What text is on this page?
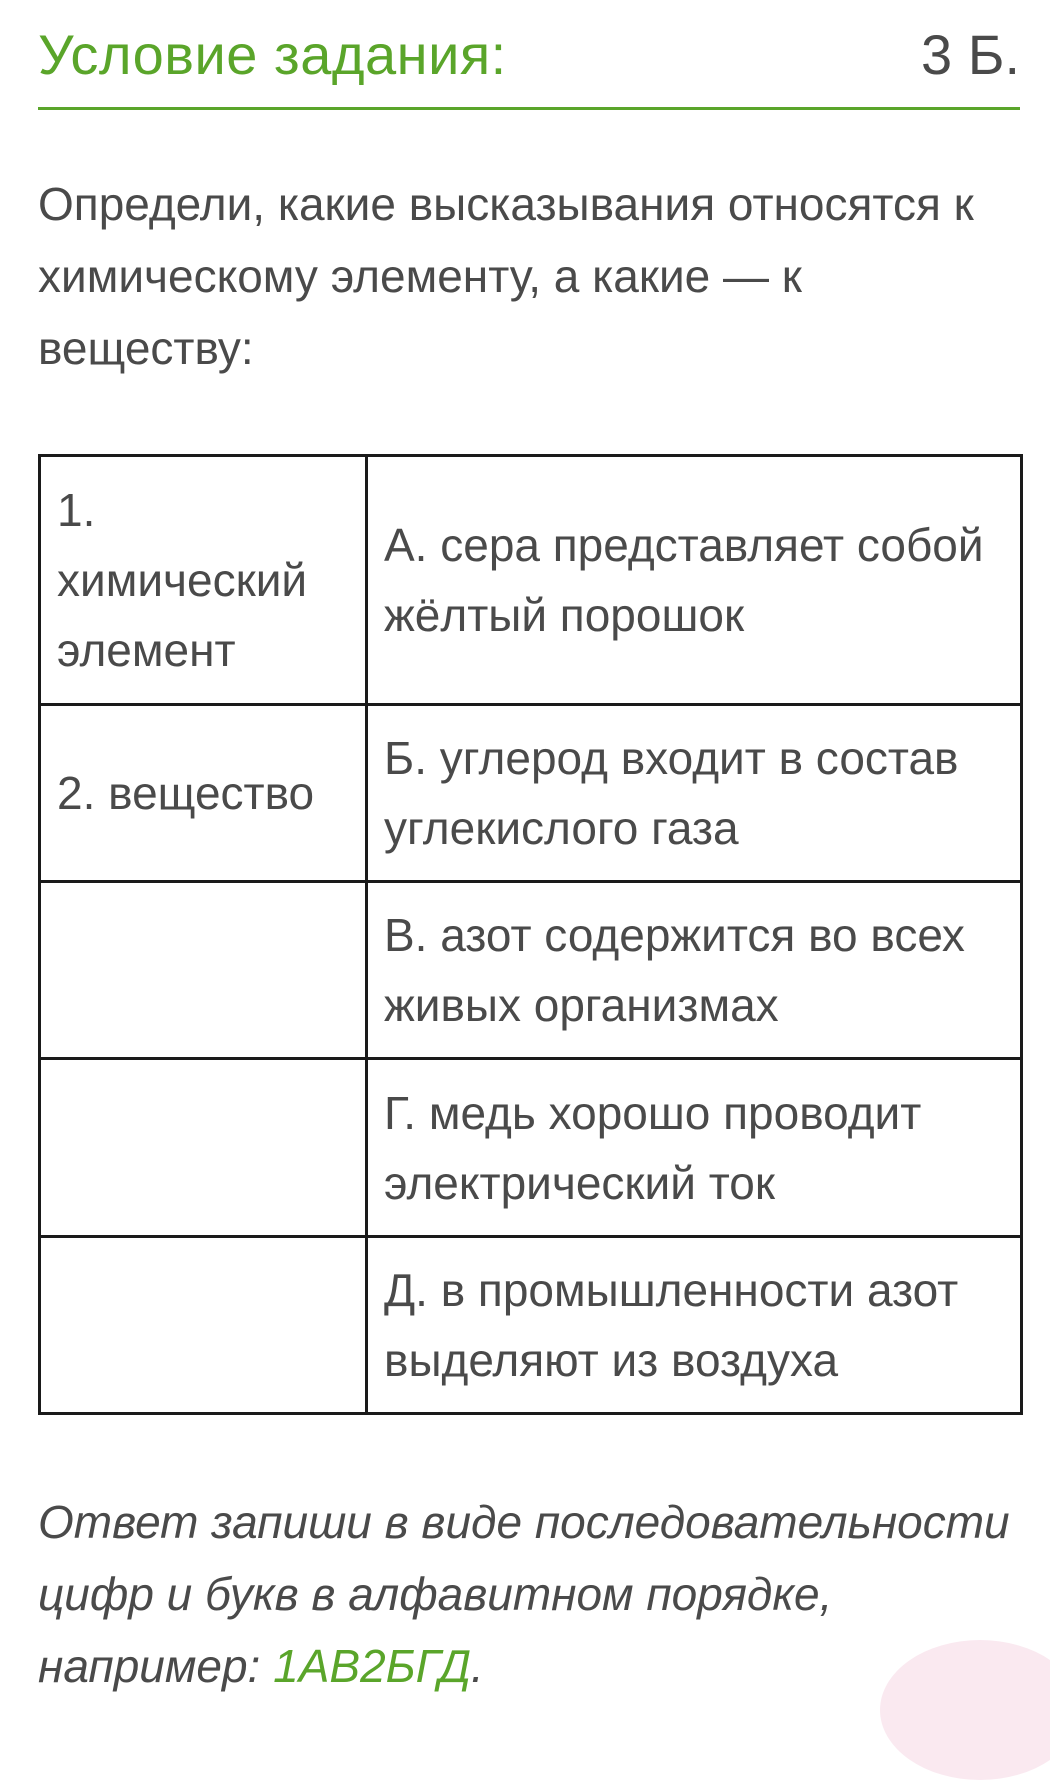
Условие задания:	3 Б.
Определи, какие высказывания относятся к химическому элементу, а какие — к веществу:
1. химический элемент	А. сера представляет собой жёлтый порошок

2. вещество	Б. углерод входит в состав углекислого газа

	В. азот содержится во всех живых организмах

	Г. медь хорошо проводит электрический ток

	Д. в промышленности азот выделяют из воздуха
Ответ запиши в виде последовательности цифр и букв в алфавитном порядке, например: 1АВ2БГД.
